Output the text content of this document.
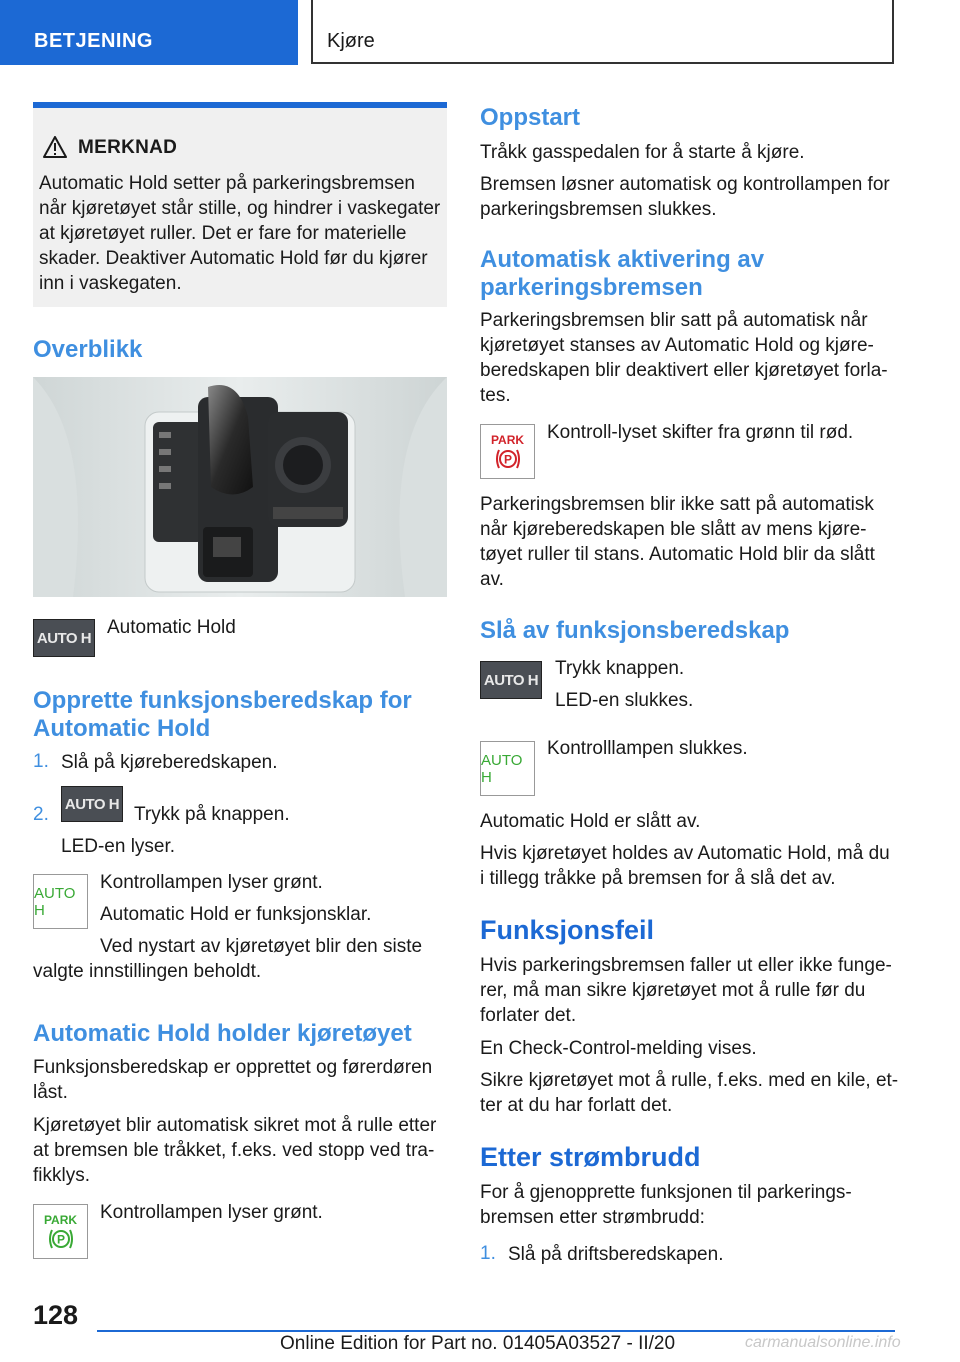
BETJENING	Kjøre
MERKNAD
Automatic Hold setter på parkeringsbremsen
når kjøretøyet står stille, og hindrer i vaskegater
at kjøretøyet ruller. Det er fare for materielle
skader. Deaktiver Automatic Hold før du kjører
inn i vaskegaten.
Overblikk
AUTO H Automatic Hold
Opprette funksjonsberedskap for
Automatic Hold
1. Slå på kjøreberedskapen.
2. AUTO H Trykk på knappen.
LED-en lyser.
AUTO H
Kontrollampen lyser grønt.
Automatic Hold er funksjonsklar.
Ved nystart av kjøretøyet blir den siste
valgte innstillingen beholdt.
Automatic Hold holder kjøretøyet
Funksjonsberedskap er opprettet og førerdøren
låst.
Kjøretøyet blir automatisk sikret mot å rulle etter
at bremsen ble tråkket, f.eks. ved stopp ved tra-
fikklys.
PARK
P
Kontrollampen lyser grønt.
Oppstart
Tråkk gasspedalen for å starte å kjøre.
Bremsen løsner automatisk og kontrollampen for
parkeringsbremsen slukkes.
Automatisk aktivering av
parkeringsbremsen
Parkeringsbremsen blir satt på automatisk når
kjøretøyet stanses av Automatic Hold og kjøre-
beredskapen blir deaktivert eller kjøretøyet forla-
tes.
PARK
P
Kontroll-lyset skifter fra grønn til rød.
Parkeringsbremsen blir ikke satt på automatisk
når kjøreberedskapen ble slått av mens kjøre-
tøyet ruller til stans. Automatic Hold blir da slått
av.
Slå av funksjonsberedskap
AUTO H
Trykk knappen.
LED-en slukkes.
AUTO H
Kontrolllampen slukkes.
Automatic Hold er slått av.
Hvis kjøretøyet holdes av Automatic Hold, må du
i tillegg tråkke på bremsen for å slå det av.
Funksjonsfeil
Hvis parkeringsbremsen faller ut eller ikke funge-
rer, må man sikre kjøretøyet mot å rulle før du
forlater det.
En Check-Control-melding vises.
Sikre kjøretøyet mot å rulle, f.eks. med en kile, et-
ter at du har forlatt det.
Etter strømbrudd
For å gjenopprette funksjonen til parkerings-
bremsen etter strømbrudd:
1. Slå på driftsberedskapen.
128
Online Edition for Part no. 01405A03527 - II/20	carmanualsonline.info
